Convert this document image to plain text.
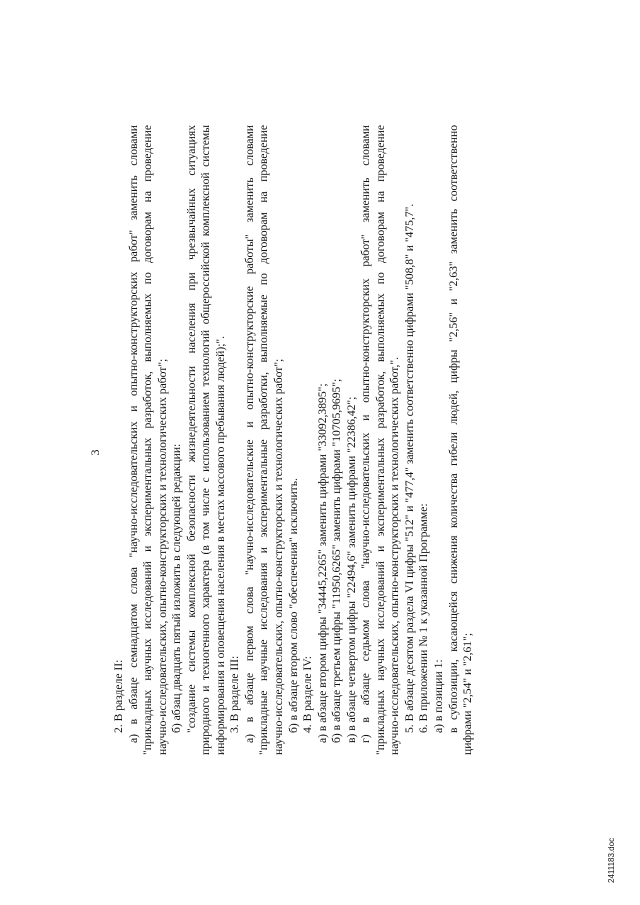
3
2. В разделе II: а) в абзаце семнадцатом слова "научно-исследовательских и опытно-конструкторских работ" заменить словами "прикладных научных исследований и экспериментальных разработок, выполняемых по договорам на проведение научно-исследовательских, опытно-конструкторских и технологических работ"; б) абзац двадцать пятый изложить в следующей редакции: "создание системы комплексной безопасности жизнедеятельности населения при чрезвычайных ситуациях природного и техногенного характера (в том числе с использованием технологий общероссийской комплексной системы информирования и оповещения населения в местах массового пребывания людей);". 3. В разделе III: а) в абзаце первом слова "научно-исследовательские и опытно-конструкторские работы" заменить словами "прикладные научные исследования и экспериментальные разработки, выполняемые по договорам на проведение научно-исследовательских, опытно-конструкторских и технологических работ"; б) в абзаце втором слово "обеспечения" исключить. 4. В разделе IV: а) в абзаце втором цифры "34445,2265" заменить цифрами "33092,3895"; б) в абзаце третьем цифры "11950,6265" заменить цифрами "10705,9695"; в) в абзаце четвертом цифры "22494,6" заменить цифрами "22386,42"; г) в абзаце седьмом слова "научно-исследовательских и опытно-конструкторских работ" заменить словами "прикладных научных исследований и экспериментальных разработок, выполняемых по договорам на проведение научно-исследовательских, опытно-конструкторских и технологических работ,". 5. В абзаце десятом раздела VI цифры "512" и "477,4" заменить соответственно цифрами "508,8" и "475,7". 6. В приложении № 1 к указанной Программе: а) в позиции 1: в субпозиции, касающейся снижения количества гибели людей, цифры "2,56" и "2,63" заменить соответственно цифрами "2,54" и "2,61";
2411183.doc
